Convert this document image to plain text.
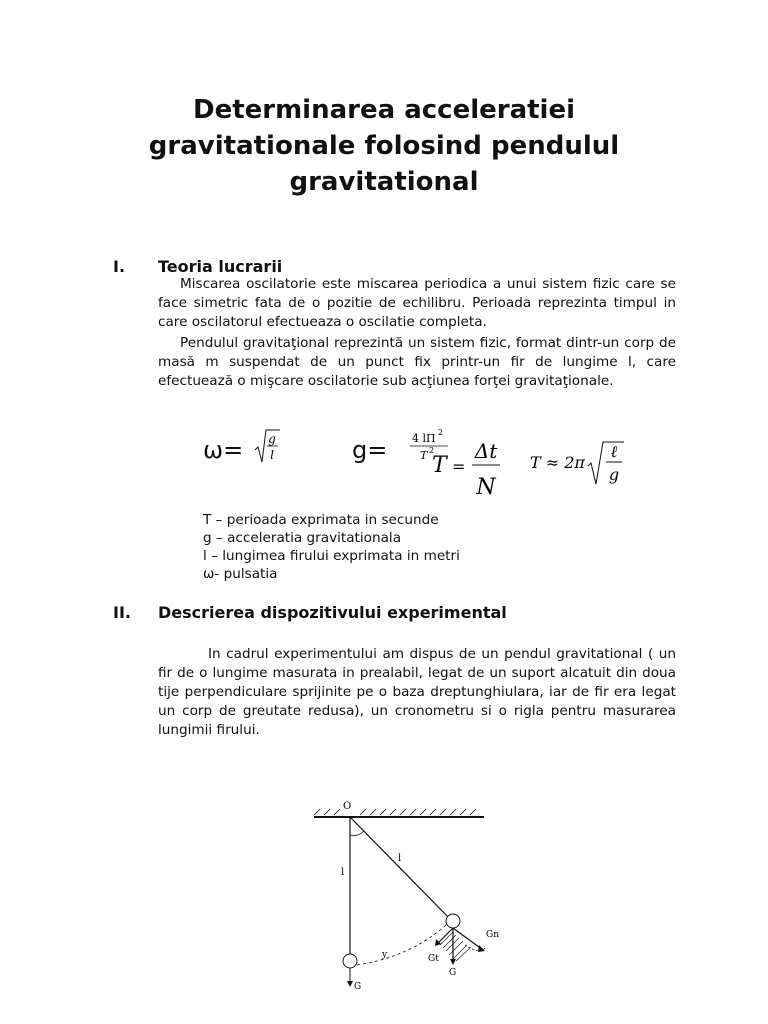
Determinarea acceleratiei
gravitationale folosind pendulul
gravitational
I. Teoria lucrarii
Miscarea oscilatorie este miscarea periodica a unui sistem fizic care se face simetric fata de o pozitie de echilibru. Perioada reprezinta timpul in care oscilatorul efectueaza o oscilatie completa.
Pendulul gravitaţional reprezintă un sistem fizic, format dintr-un corp de masă m suspendat de un punct fix printr-un fir de lungime l, care efectuează o mişcare oscilatorie sub acţiunea forţei gravitaţionale.
ω= g
l	g= 4 lΠ 2
T 2
T =
Δt
N
T ≈ 2π
ℓ
g
T – perioada exprimata in secunde
g – acceleratia gravitationala
l – lungimea firului exprimata in metri
ω- pulsatia
II. Descrierea dispozitivului experimental
In cadrul experimentului am dispus de un pendul gravitational ( un fir de o lungime masurata in prealabil, legat de un suport alcatuit din doua tije perpendiculare sprijinite pe o baza dreptunghiulara, iar de fir era legat un corp de greutate redusa), un cronometru si o rigla pentru masurarea lungimii firului.
O
l
l
G
y
G
Gt
Gn
